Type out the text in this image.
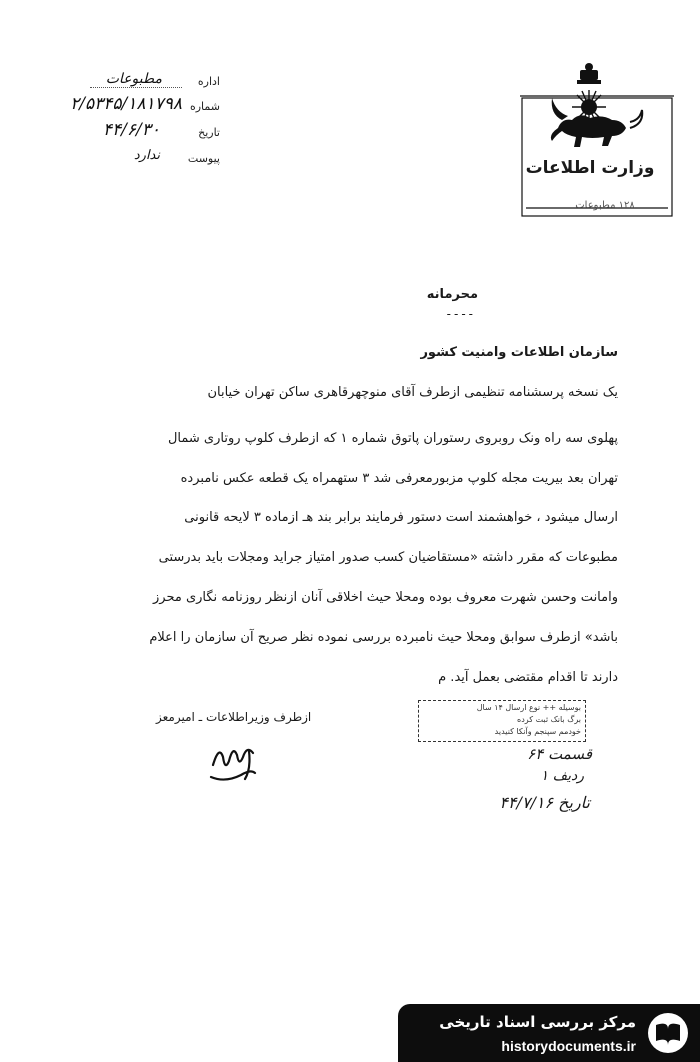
وزارت اطلاعات
۱۲۸ مطبوعات
اداره
مطبوعات
شماره
۲/۵۳۴۵/۱۸۱۷۹۸
تاریخ
۴۴/۶/۳۰
پیوست
ندارد
محرمانه
----
سازمان اطلاعات وامنیت کشور
یک نسخه پرسشنامه تنظیمی ازطرف آقای منوچهرقاهری ساکن تهران خیابان
پهلوی سه راه ونک روبروی رستوران پاتوق شماره ۱ که ازطرف کلوپ روتاری شمال
تهران بعد بیریت مجله کلوپ مزبورمعرفی شد ۳ ستهمراه یک قطعه عکس نامبرده
ارسال میشود ، خواهشمند است دستور فرمایند برابر بند هـ ازماده ۳ لایحه قانونی
مطبوعات که مقرر داشته «مستقاضیان کسب صدور امتیاز جراید ومجلات باید بدرستی
وامانت وحسن شهرت معروف بوده ومحلا حیث اخلاقی آنان ازنظر روزنامه نگاری محرز
باشد» ازطرف سوابق ومحلا حیث نامبرده بررسی نموده نظر صریح آن سازمان را اعلام
دارند تا اقدام مقتضی بعمل آید. م
بوسیله ++ نوع ارسال ۱۴ سال
برگ بانک ثبت کرده
خودمم سپنجم وآنکا کنیدید
ازطرف وزیراطلاعات ـ امیرمعز
قسمت ۶۴
ردیف ۱
تاریخ ۴۴/۷/۱۶
مرکز بررسی اسناد تاریخی
historydocuments.ir
